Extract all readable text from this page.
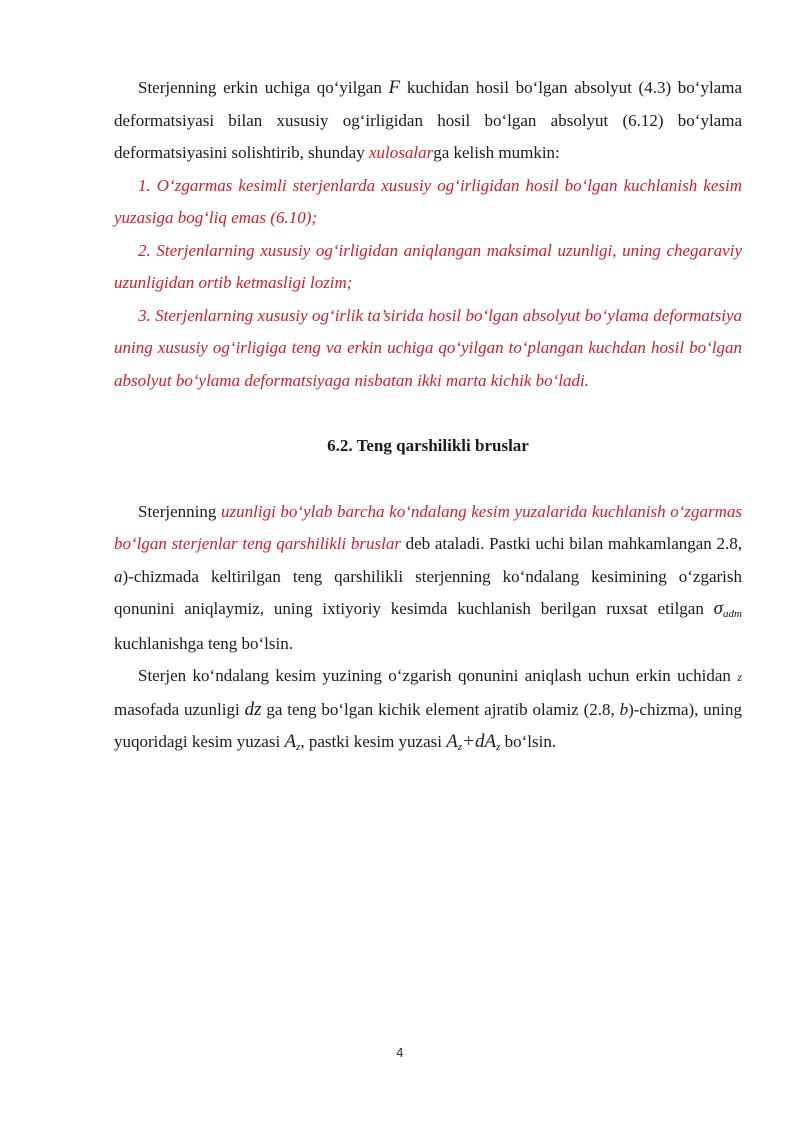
Sterjenning erkin uchiga qo‘yilgan F kuchidan hosil bo‘lgan absolyut (4.3) bo‘ylama deformatsiyasi bilan xususiy og‘irligidan hosil bo‘lgan absolyut (6.12) bo‘ylama deformatsiyasini solishtirib, shunday xulosalarga kelish mumkin:

1. O‘zgarmas kesimli sterjenlarda xususiy og‘irligidan hosil bo‘lgan kuchlanish kesim yuzasiga bog‘liq emas (6.10);

2. Sterjenlarning xususiy og‘irligidan aniqlangan maksimal uzunligi, uning chegaraviy uzunligidan ortib ketmasligi lozim;

3. Sterjenlarning xususiy og‘irlik ta’sirida hosil bo‘lgan absolyut bo‘ylama deformatsiya uning xususiy og‘irligiga teng va erkin uchiga qo‘yilgan to‘plangan kuchdan hosil bo‘lgan absolyut bo‘ylama deformatsiyaga nisbatan ikki marta kichik bo‘ladi.

6.2. Teng qarshilikli bruslar

Sterjenning uzunligi bo‘ylab barcha ko‘ndalang kesim yuzalarida kuchlanish o‘zgarmas bo‘lgan sterjenlar teng qarshilikli bruslar deb ataladi. Pastki uchi bilan mahkamlangan 2.8, a)-chizmada keltirilgan teng qarshilikli sterjenning ko‘ndalang kesimining o‘zgarish qonunini aniqlaymiz, uning ixtiyoriy kesimda kuchlanish berilgan ruxsat etilgan σadm kuchlanishga teng bo‘lsin.

Sterjen ko‘ndalang kesim yuzining o‘zgarish qonunini aniqlash uchun erkin uchidan z masofada uzunligi dz ga teng bo‘lgan kichik element ajratib olamiz (2.8, b)-chizma), uning yuqoridagi kesim yuzasi Az, pastki kesim yuzasi Az+dAz bo‘lsin.

4
